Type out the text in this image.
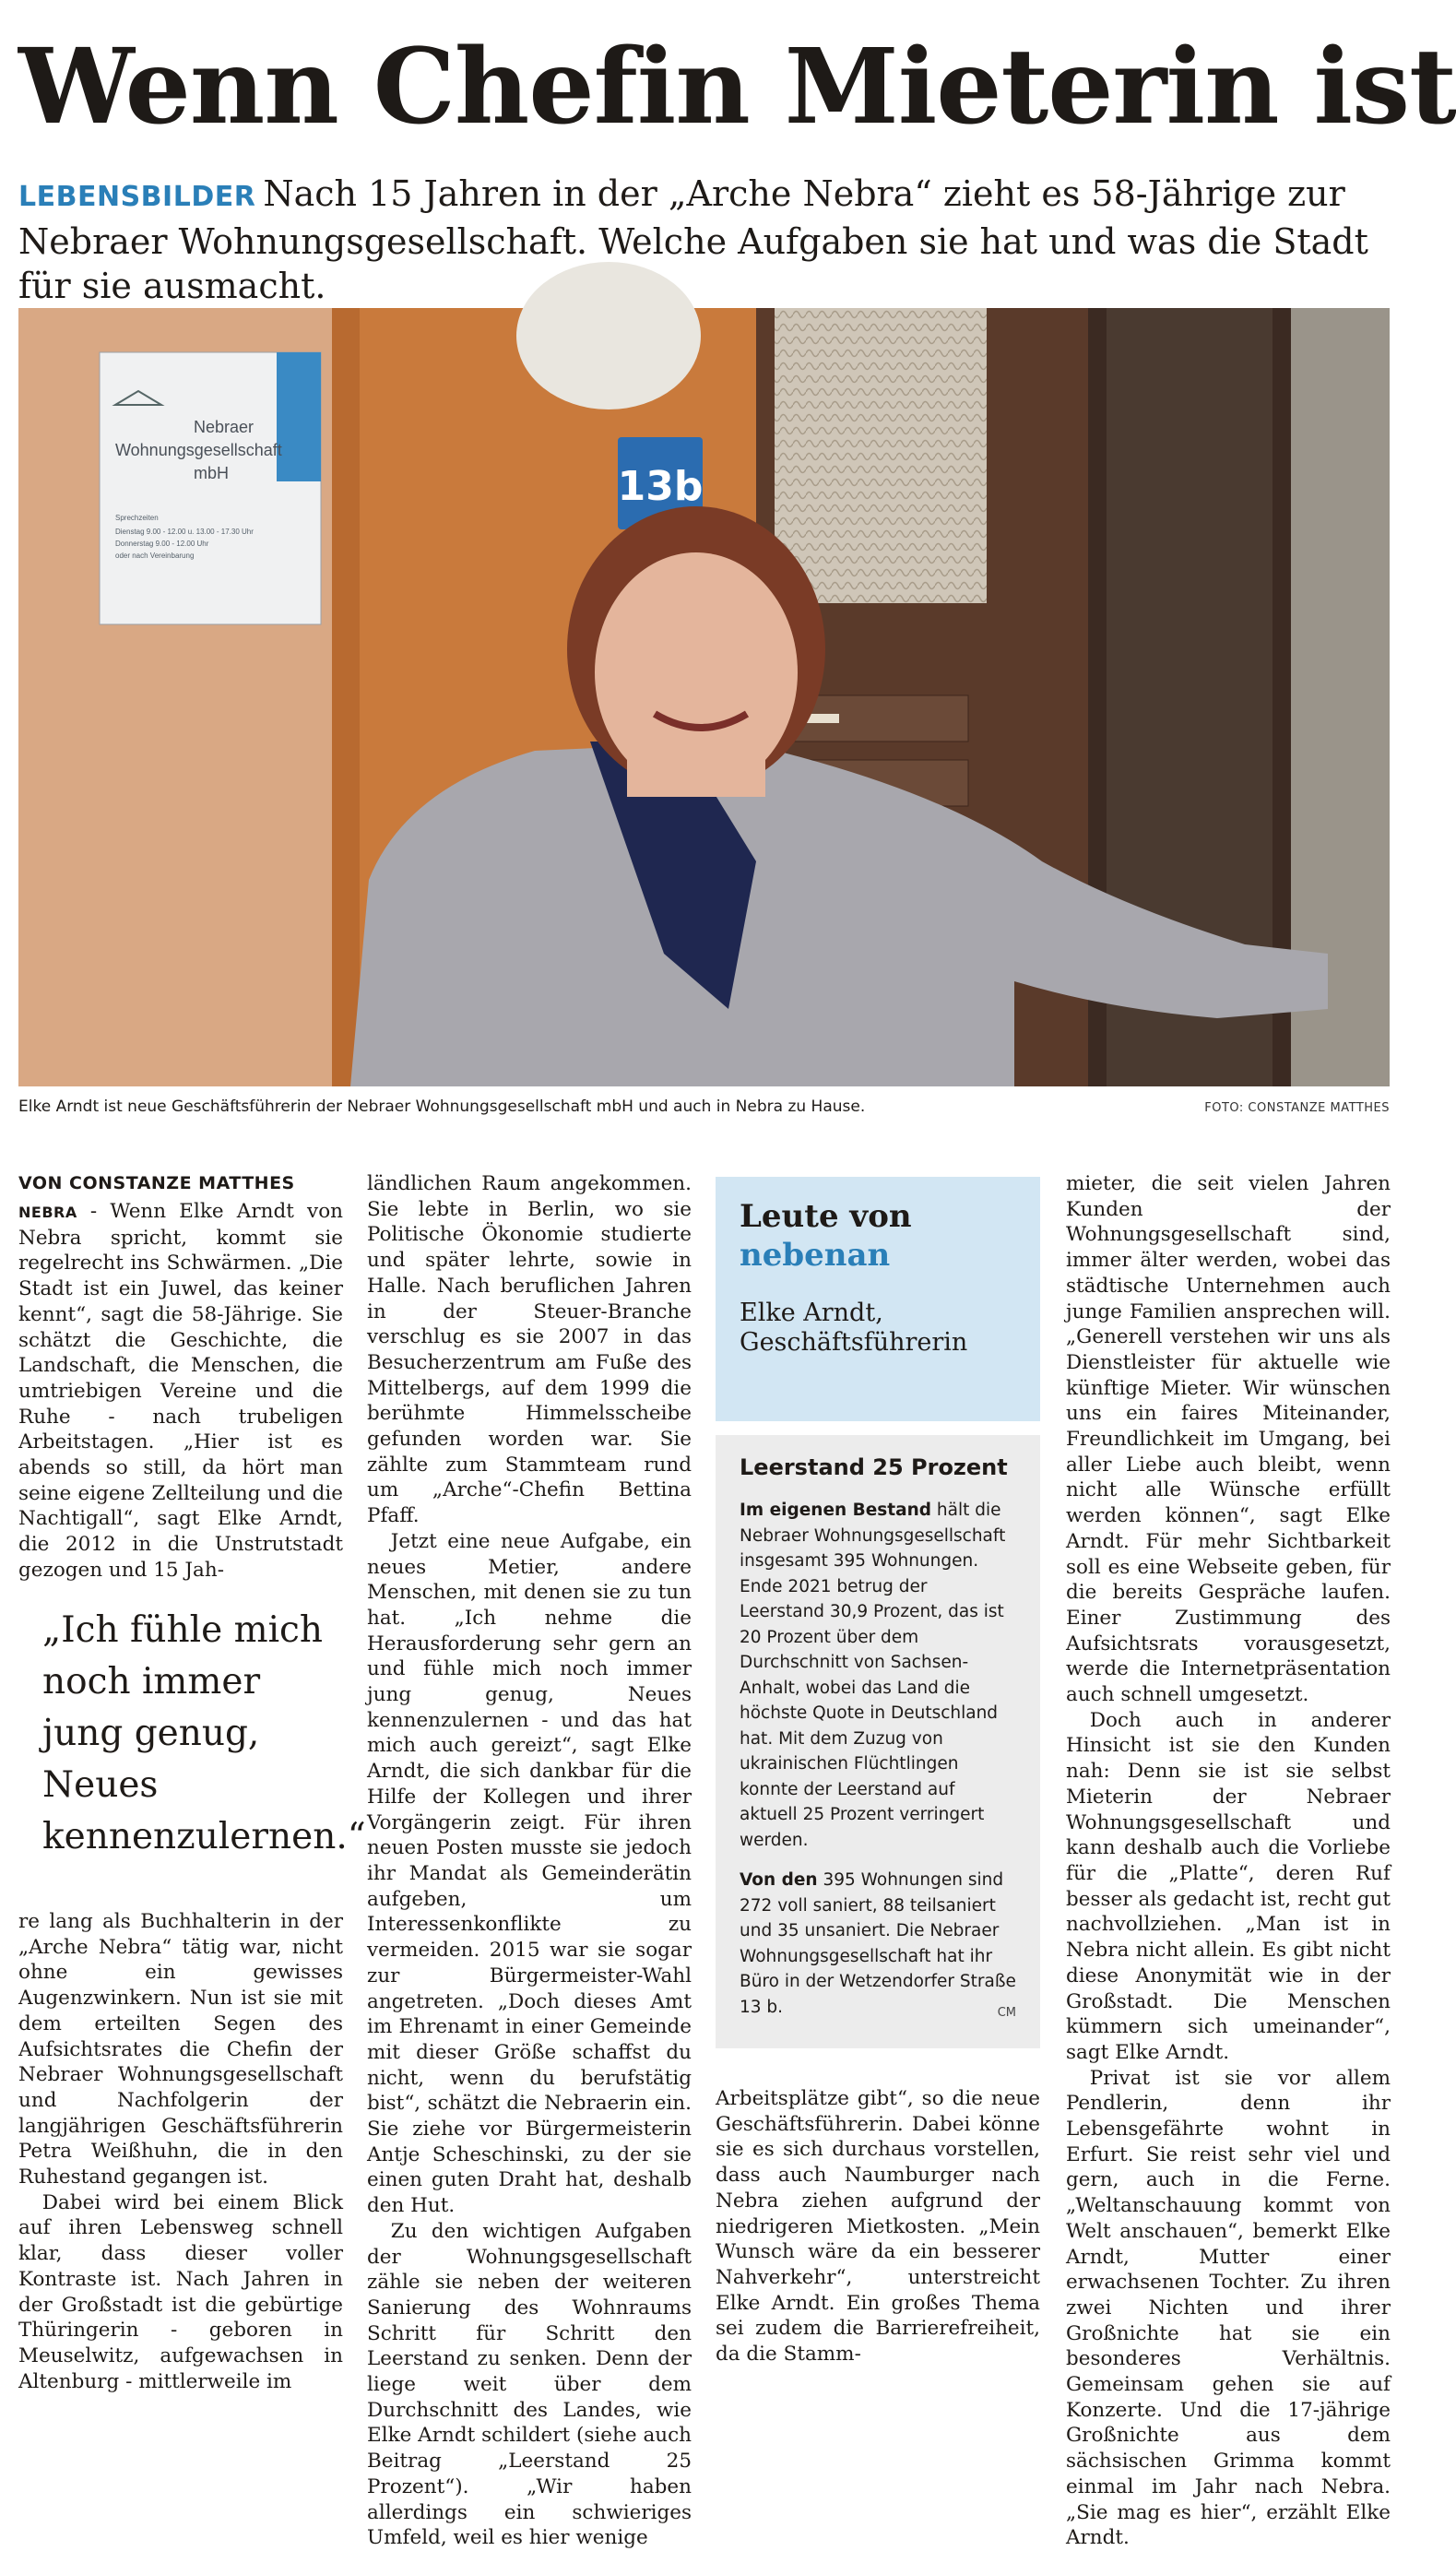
Wenn Chefin Mieterin ist
LEBENSBILDER Nach 15 Jahren in der „Arche Nebra“ zieht es 58-Jährige zur Nebraer Wohnungsgesellschaft. Welche Aufgaben sie hat und was die Stadt für sie ausmacht.
Nebraer Wohnungsgesellschaft mbH
Sprechzeiten Dienstag 9.00 - 12.00 u. 13.00 - 17.30 Uhr Donnerstag 9.00 - 12.00 Uhr oder nach Vereinbarung
13b
Elke Arndt ist neue Geschäftsführerin der Nebraer Wohnungsgesellschaft mbH und auch in Nebra zu Hause.	FOTO: CONSTANZE MATTHES
VON CONSTANZE MATTHES

NEBRA - Wenn Elke Arndt von Nebra spricht, kommt sie regelrecht ins Schwärmen. „Die Stadt ist ein Juwel, das keiner kennt“, sagt die 58-Jährige. Sie schätzt die Geschichte, die Landschaft, die Menschen, die umtriebigen Vereine und die Ruhe - nach trubeligen Arbeitstagen. „Hier ist es abends so still, da hört man seine eigene Zellteilung und die Nachtigall“, sagt Elke Arndt, die 2012 in die Unstrutstadt gezogen und 15 Jah-

„Ich fühle mich noch immer jung genug, Neues kennenzulernen.“

re lang als Buchhalterin in der „Arche Nebra“ tätig war, nicht ohne ein gewisses Augenzwinkern. Nun ist sie mit dem erteilten Segen des Aufsichtsrates die Chefin der Nebraer Wohnungsgesellschaft und Nachfolgerin der langjährigen Geschäftsführerin Petra Weißhuhn, die in den Ruhestand gegangen ist.

Dabei wird bei einem Blick auf ihren Lebensweg schnell klar, dass dieser voller Kontraste ist. Nach Jahren in der Großstadt ist die gebürtige Thüringerin - geboren in Meuselwitz, aufgewachsen in Altenburg - mittlerweile im

ländlichen Raum angekommen. Sie lebte in Berlin, wo sie Politische Ökonomie studierte und später lehrte, sowie in Halle. Nach beruflichen Jahren in der Steuer-Branche verschlug es sie 2007 in das Besucherzentrum am Fuße des Mittelbergs, auf dem 1999 die berühmte Himmelsscheibe gefunden worden war. Sie zählte zum Stammteam rund um „Arche“-Chefin Bettina Pfaff.

Jetzt eine neue Aufgabe, ein neues Metier, andere Menschen, mit denen sie zu tun hat. „Ich nehme die Herausforderung sehr gern an und fühle mich noch immer jung genug, Neues kennenzulernen - und das hat mich auch gereizt“, sagt Elke Arndt, die sich dankbar für die Hilfe der Kollegen und ihrer Vorgängerin zeigt. Für ihren neuen Posten musste sie jedoch ihr Mandat als Gemeinderätin aufgeben, um Interessenkonflikte zu vermeiden. 2015 war sie sogar zur Bürgermeister-Wahl angetreten. „Doch dieses Amt im Ehrenamt in einer Gemeinde mit dieser Größe schaffst du nicht, wenn du berufstätig bist“, schätzt die Nebraerin ein. Sie ziehe vor Bürgermeisterin Antje Scheschinski, zu der sie einen guten Draht hat, deshalb den Hut.

Zu den wichtigen Aufgaben der Wohnungsgesellschaft zähle sie neben der weiteren Sanierung des Wohnraums Schritt für Schritt den Leerstand zu senken. Denn der liege weit über dem Durchschnitt des Landes, wie Elke Arndt schildert (siehe auch Beitrag „Leerstand 25 Prozent“). „Wir haben allerdings ein schwieriges Umfeld, weil es hier wenige

Leute von
nebenan
Elke Arndt, Geschäftsführerin
Leerstand 25 Prozent
Im eigenen Bestand hält die Nebraer Wohnungsgesellschaft insgesamt 395 Wohnungen. Ende 2021 betrug der Leerstand 30,9 Prozent, das ist 20 Prozent über dem Durchschnitt von Sachsen-Anhalt, wobei das Land die höchste Quote in Deutschland hat. Mit dem Zuzug von ukrainischen Flüchtlingen konnte der Leerstand auf aktuell 25 Prozent verringert werden.
Von den 395 Wohnungen sind 272 voll saniert, 88 teilsaniert und 35 unsaniert. Die Nebraer Wohnungsgesellschaft hat ihr Büro in der Wetzendorfer Straße 13 b.	CM

Arbeitsplätze gibt“, so die neue Geschäftsführerin. Dabei könne sie es sich durchaus vorstellen, dass auch Naumburger nach Nebra ziehen aufgrund der niedrigeren Mietkosten. „Mein Wunsch wäre da ein besserer Nahverkehr“, unterstreicht Elke Arndt. Ein großes Thema sei zudem die Barrierefreiheit, da die Stamm-

mieter, die seit vielen Jahren Kunden der Wohnungsgesellschaft sind, immer älter werden, wobei das städtische Unternehmen auch junge Familien ansprechen will. „Generell verstehen wir uns als Dienstleister für aktuelle wie künftige Mieter. Wir wünschen uns ein faires Miteinander, Freundlichkeit im Umgang, bei aller Liebe auch bleibt, wenn nicht alle Wünsche erfüllt werden können“, sagt Elke Arndt. Für mehr Sichtbarkeit soll es eine Webseite geben, für die bereits Gespräche laufen. Einer Zustimmung des Aufsichtsrats vorausgesetzt, werde die Internetpräsentation auch schnell umgesetzt.

Doch auch in anderer Hinsicht ist sie den Kunden nah: Denn sie ist sie selbst Mieterin der Nebraer Wohnungsgesellschaft und kann deshalb auch die Vorliebe für die „Platte“, deren Ruf besser als gedacht ist, recht gut nachvollziehen. „Man ist in Nebra nicht allein. Es gibt nicht diese Anonymität wie in der Großstadt. Die Menschen kümmern sich umeinander“, sagt Elke Arndt.

Privat ist sie vor allem Pendlerin, denn ihr Lebensgefährte wohnt in Erfurt. Sie reist sehr viel und gern, auch in die Ferne. „Weltanschauung kommt von Welt anschauen“, bemerkt Elke Arndt, Mutter einer erwachsenen Tochter. Zu ihren zwei Nichten und ihrer Großnichte hat sie ein besonderes Verhältnis. Gemeinsam gehen sie auf Konzerte. Und die 17-jährige Großnichte aus dem sächsischen Grimma kommt einmal im Jahr nach Nebra. „Sie mag es hier“, erzählt Elke Arndt.
